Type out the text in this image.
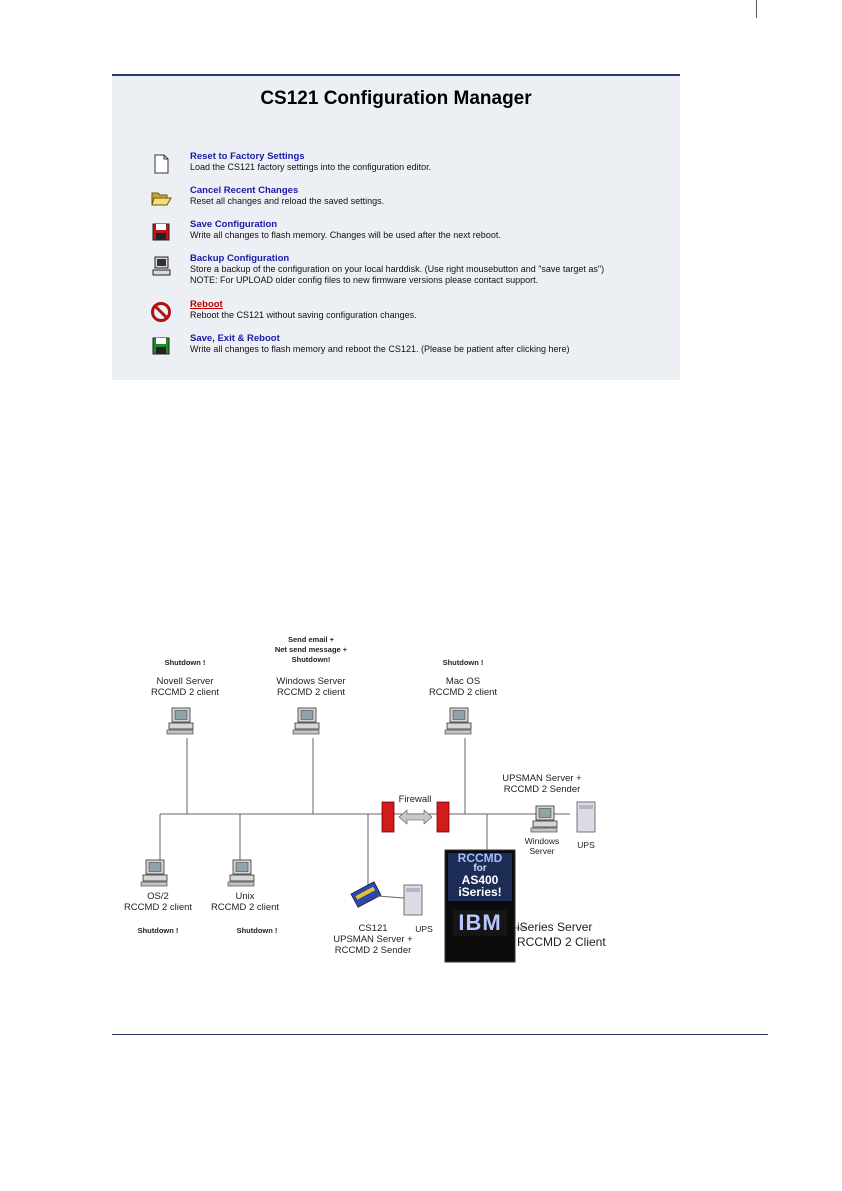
CS121 Configuration Manager
Reset to Factory Settings
Load the CS121 factory settings into the configuration editor.
Cancel Recent Changes
Reset all changes and reload the saved settings.
Save Configuration
Write all changes to flash memory. Changes will be used after the next reboot.
Backup Configuration
Store a backup of the configuration on your local harddisk. (Use right mousebutton and "save target as")
NOTE: For UPLOAD older config files to new firmware versions please contact support.
Reboot
Reboot the CS121 without saving configuration changes.
Save, Exit & Reboot
Write all changes to flash memory and reboot the CS121. (Please be patient after clicking here)
RCCMD
for
AS400
iSeries!
IBM iSeries Server
RCCMD 2 Client
Shutdown !
Novell Server
RCCMD 2 client
Send email +
Net send message +
Shutdown!
Windows Server
RCCMD 2 client
Shutdown !
Mac OS
RCCMD 2 client
UPSMAN Server +
RCCMD 2 Sender
Windows
Server
UPS
Firewall
OS/2
RCCMD 2 client
Shutdown !
Unix
RCCMD 2 client
Shutdown !	CS121
UPSMAN Server +
RCCMD 2 Sender
UPS
